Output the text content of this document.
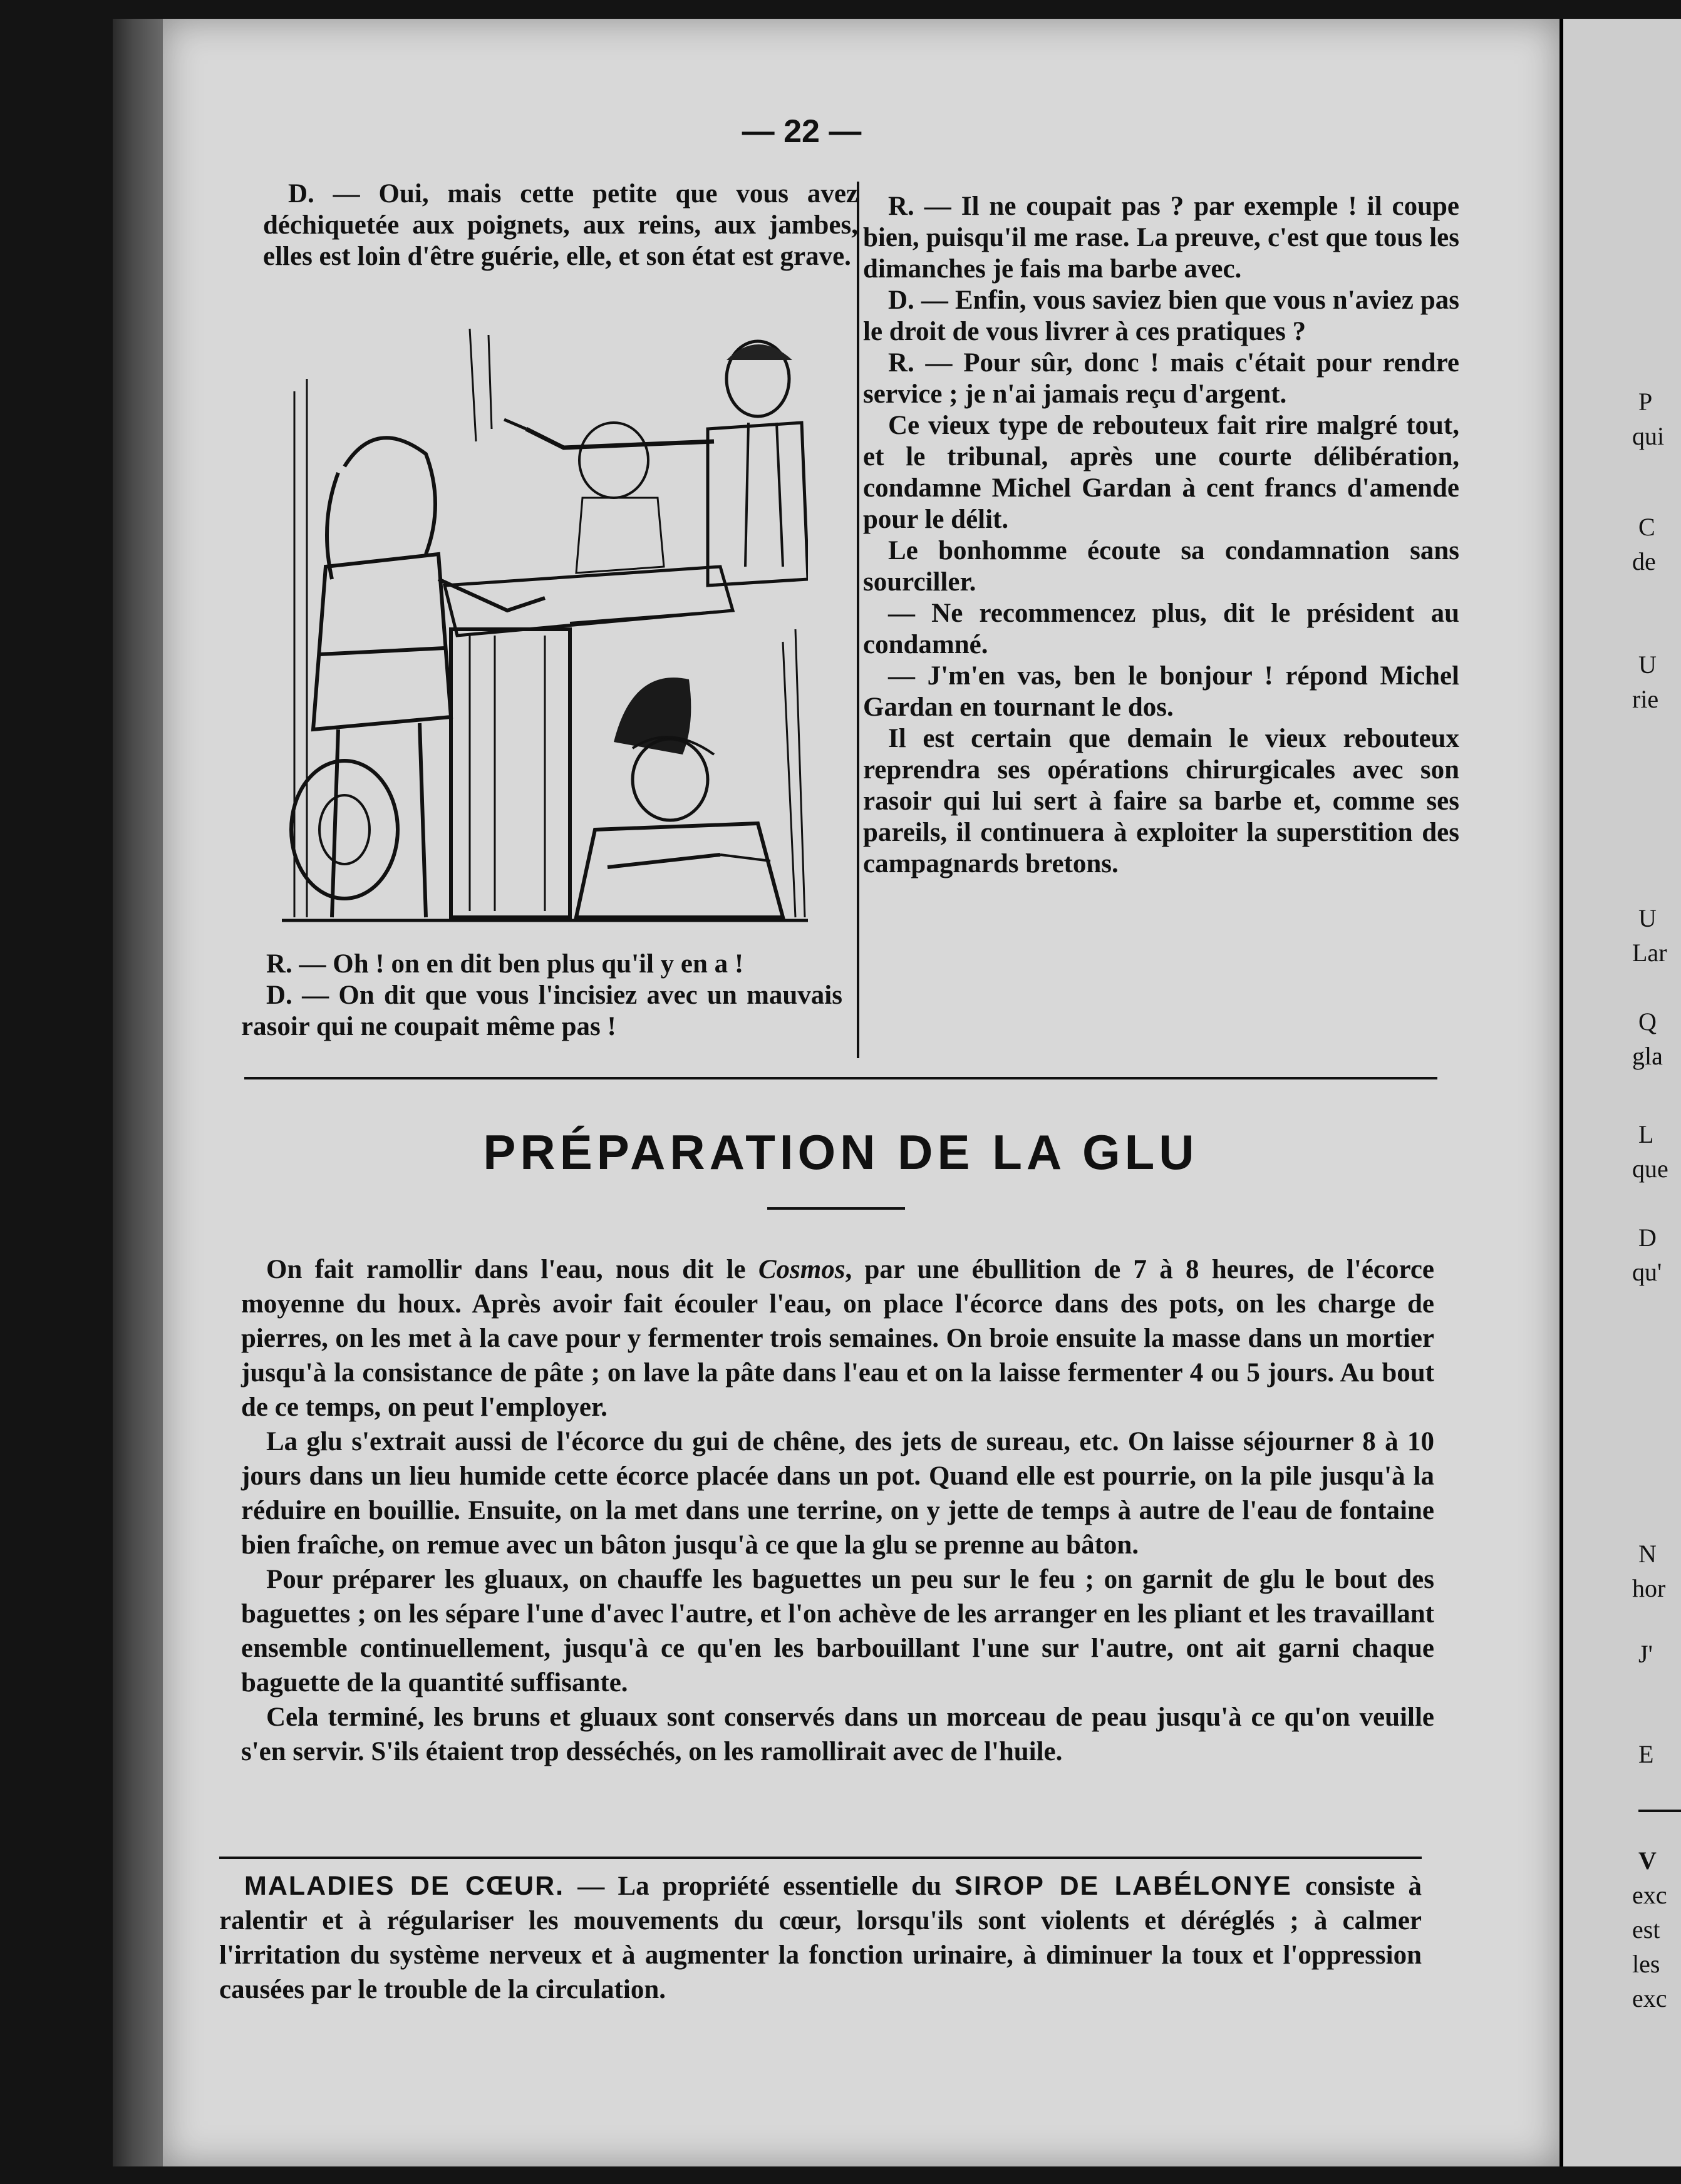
— 22 —

D. — Oui, mais cette petite que vous avez déchiquetée aux poignets, aux reins, aux jambes, elles est loin d'être guérie, elle, et son état est grave.

R. — Oh ! on en dit ben plus qu'il y en a !

D. — On dit que vous l'incisiez avec un mauvais rasoir qui ne coupait même pas !

R. — Il ne coupait pas ? par exemple ! il coupe bien, puisqu'il me rase. La preuve, c'est que tous les dimanches je fais ma barbe avec.

D. — Enfin, vous saviez bien que vous n'aviez pas le droit de vous livrer à ces pratiques ?

R. — Pour sûr, donc ! mais c'était pour rendre service ; je n'ai jamais reçu d'argent.

Ce vieux type de rebouteux fait rire malgré tout, et le tribunal, après une courte délibération, condamne Michel Gardan à cent francs d'amende pour le délit.

Le bonhomme écoute sa condamnation sans sourciller.

— Ne recommencez plus, dit le président au condamné.

— J'm'en vas, ben le bonjour ! répond Michel Gardan en tournant le dos.

Il est certain que demain le vieux rebouteux reprendra ses opérations chirurgicales avec son rasoir qui lui sert à faire sa barbe et, comme ses pareils, il continuera à exploiter la superstition des campagnards bretons.

PRÉPARATION DE LA GLU

On fait ramollir dans l'eau, nous dit le Cosmos, par une ébullition de 7 à 8 heures, de l'écorce moyenne du houx. Après avoir fait écouler l'eau, on place l'écorce dans des pots, on les charge de pierres, on les met à la cave pour y fermenter trois semaines. On broie ensuite la masse dans un mortier jusqu'à la consistance de pâte ; on lave la pâte dans l'eau et on la laisse fermenter 4 ou 5 jours. Au bout de ce temps, on peut l'employer.

La glu s'extrait aussi de l'écorce du gui de chêne, des jets de sureau, etc. On laisse séjourner 8 à 10 jours dans un lieu humide cette écorce placée dans un pot. Quand elle est pourrie, on la pile jusqu'à la réduire en bouillie. Ensuite, on la met dans une terrine, on y jette de temps à autre de l'eau de fontaine bien fraîche, on remue avec un bâton jusqu'à ce que la glu se prenne au bâton.

Pour préparer les gluaux, on chauffe les baguettes un peu sur le feu ; on garnit de glu le bout des baguettes ; on les sépare l'une d'avec l'autre, et l'on achève de les arranger en les pliant et les travaillant ensemble continuellement, jusqu'à ce qu'en les barbouillant l'une sur l'autre, ont ait garni chaque baguette de la quantité suffisante.

Cela terminé, les bruns et gluaux sont conservés dans un morceau de peau jusqu'à ce qu'on veuille s'en servir. S'ils étaient trop desséchés, on les ramollirait avec de l'huile.

MALADIES DE CŒUR. — La propriété essentielle du SIROP DE LABÉLONYE consiste à ralentir et à régulariser les mouvements du cœur, lorsqu'ils sont violents et déréglés ; à calmer l'irritation du système nerveux et à augmenter la fonction urinaire, à diminuer la toux et l'oppression causées par le trouble de la circulation.

P
qui
C
de
U
rie
U
Lar
Q
gla
L
que
D
qu'
N
hor
J'
E
V
exc
est
les
exc
